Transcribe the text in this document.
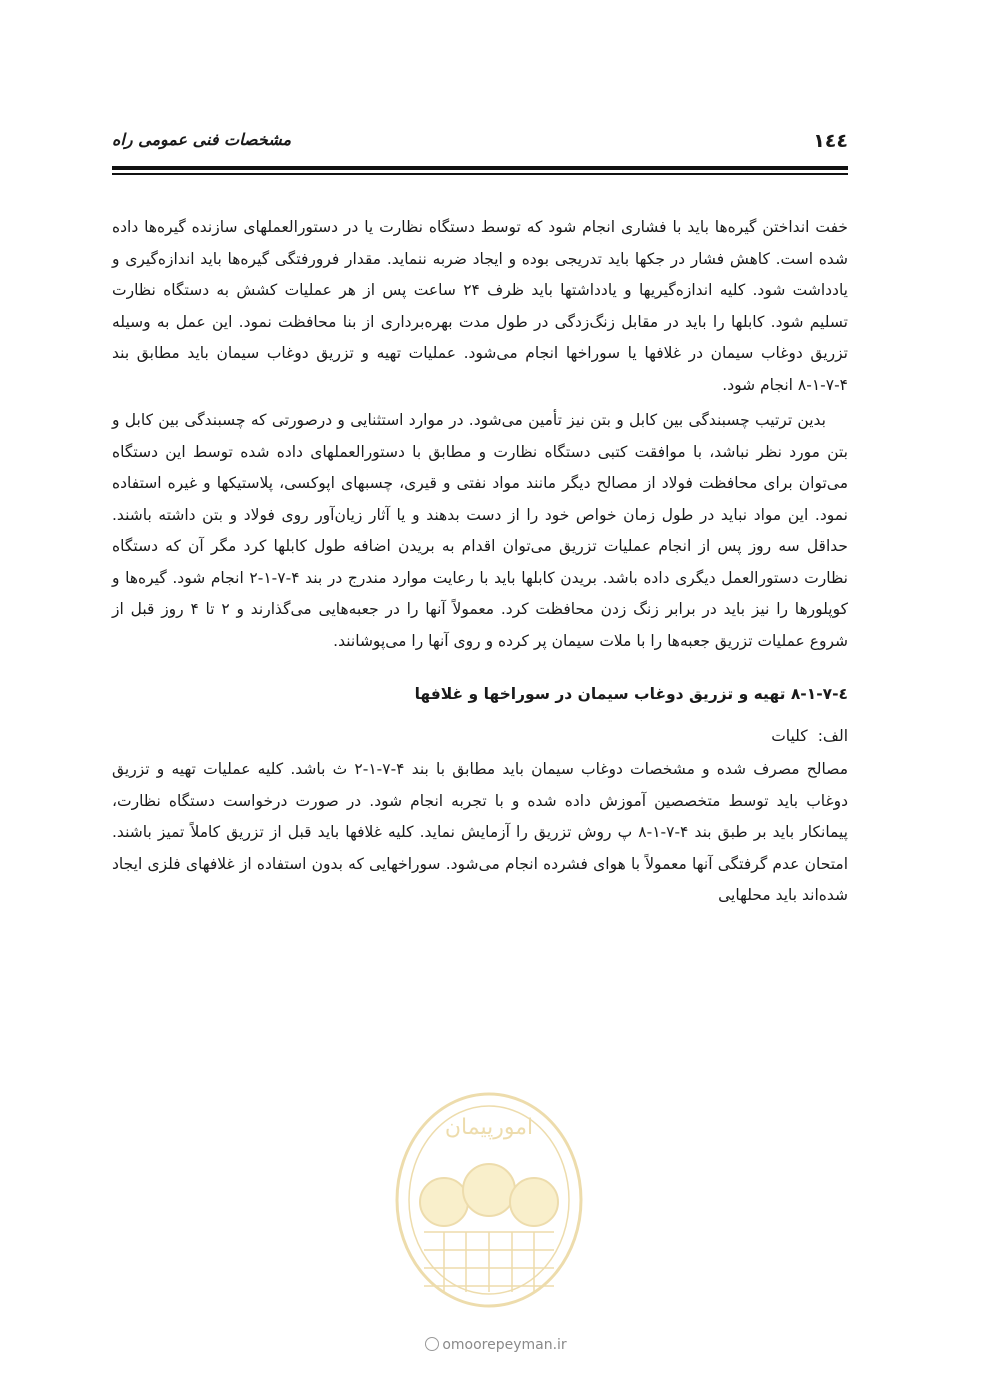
۱٤٤
مشخصات فنی عمومی راه

خفت انداختن گیره‌ها باید با فشاری انجام شود که توسط دستگاه نظارت یا در دستورالعملهای سازنده گیره‌ها داده شده است. کاهش فشار در جکها باید تدریجی بوده و ایجاد ضربه ننماید. مقدار فرورفتگی گیره‌ها باید اندازه‌گیری و یادداشت شود. کلیه اندازه‌گیریها و یادداشتها باید ظرف ۲۴ ساعت پس از هر عملیات کشش به دستگاه نظارت تسلیم شود. کابلها را باید در مقابل زنگ‌زدگی در طول مدت بهره‌برداری از بنا محافظت نمود. این عمل به وسیله تزریق دوغاب سیمان در غلافها یا سوراخها انجام می‌شود. عملیات تهیه و تزریق دوغاب سیمان باید مطابق بند ۴-۷-۱-۸ انجام شود.

بدین ترتیب چسبندگی بین کابل و بتن نیز تأمین می‌شود. در موارد استثنایی و درصورتی که چسبندگی بین کابل و بتن مورد نظر نباشد، با موافقت کتبی دستگاه نظارت و مطابق با دستورالعملهای داده شده توسط این دستگاه می‌توان برای محافظت فولاد از مصالح دیگر مانند مواد نفتی و قیری، چسبهای اپوکسی، پلاستیکها و غیره استفاده نمود. این مواد نباید در طول زمان خواص خود را از دست بدهند و یا آثار زیان‌آور روی فولاد و بتن داشته باشند. حداقل سه روز پس از انجام عملیات تزریق می‌توان اقدام به بریدن اضافه طول کابلها کرد مگر آن که دستگاه نظارت دستورالعمل دیگری داده باشد. بریدن کابلها باید با رعایت موارد مندرج در بند ۴-۷-۱-۲ انجام شود. گیره‌ها و کوپلورها را نیز باید در برابر زنگ زدن محافظت کرد. معمولاً آنها را در جعبه‌هایی می‌گذارند و ۲ تا ۴ روز قبل از شروع عملیات تزریق جعبه‌ها را با ملات سیمان پر کرده و روی آنها را می‌پوشانند.

٤-٧-١-٨ تهیه و تزریق دوغاب سیمان در سوراخها و غلافها

الف:کلیات

مصالح مصرف شده و مشخصات دوغاب سیمان باید مطابق با بند ۴-۷-۱-۲ ث باشد. کلیه عملیات تهیه و تزریق دوغاب باید توسط متخصصین آموزش داده شده و با تجربه انجام شود. در صورت درخواست دستگاه نظارت، پیمانکار باید بر طبق بند ۴-۷-۱-۸ پ روش تزریق را آزمایش نماید. کلیه غلافها باید قبل از تزریق کاملاً تمیز باشند. امتحان عدم گرفتگی آنها معمولاً با هوای فشرده انجام می‌شود. سوراخهایی که بدون استفاده از غلافهای فلزی ایجاد شده‌اند باید محلهایی

امورپیمان
omoorepeyman.ir
